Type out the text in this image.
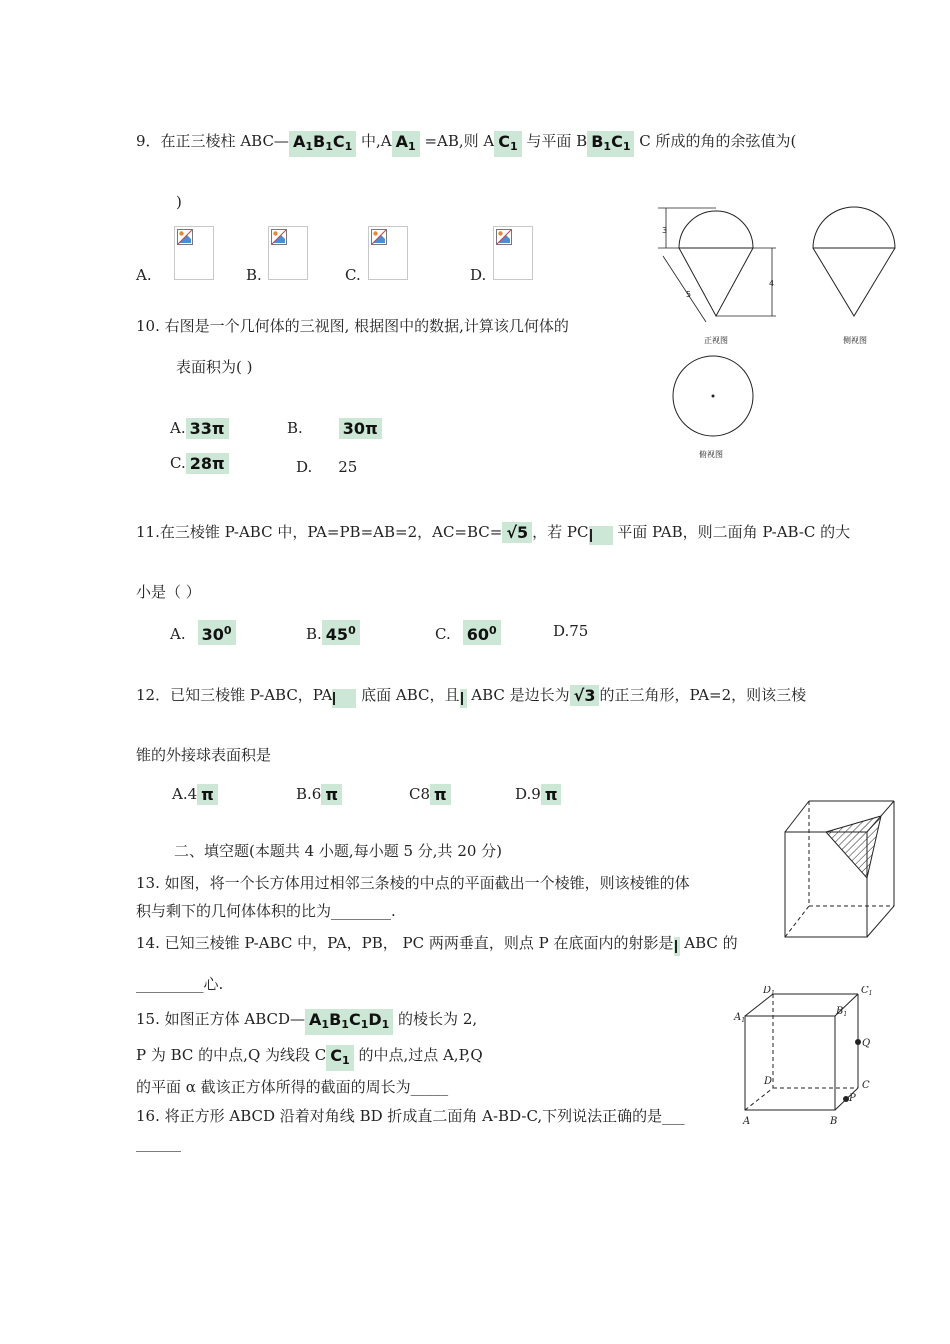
9．在正三棱柱 ABC— $A_1B_1C_1$ 中,A $A_1 =AB$,则 A $C_1$ 与平面 B $B_1C_1$ C 所成的角的余弦值为(
)
A.	B.	C.	D.
3
5
4
正视图	侧视图
俯视图
10. 右图是一个几何体的三视图, 根据图中的数据,计算该几何体的
表面积为( )
A. 33π	B.	30π
C. 28π	D. 25
11.在三棱锥 P-ABC 中，PA=PB=AB=2，AC=BC= √5 ，若 PC 平面 PAB，则二面角 P-AB-C 的大
小是（ ）
A. $30^0$	B. $45^0$	C. $60^0$	D.75
12．已知三棱锥 P-ABC，PA 底面 ABC，且 ABC 是边长为 √3 的正三角形，PA=2，则该三棱
锥的外接球表面积是
A.4 π	B.6 π	C8 π	D.9 π
二、填空题(本题共 4 小题,每小题 5 分,共 20 分)
13. 如图，将一个长方体用过相邻三条棱的中点的平面截出一个棱锥，则该棱锥的体
积与剩下的几何体体积的比为________.
14. 已知三棱锥 P-ABC 中，PA，PB， PC 两两垂直，则点 P 在底面内的射影是 ABC 的
_________心.	$D_1$	$C_1$
$A_1$
$B_1$
Q
D	C
P
A	B
15. 如图正方体 ABCD— $A_1B_1C_1D_1$ 的棱长为 2,
P 为 BC 的中点,Q 为线段 C $C_1$ 的中点,过点 A,P,Q
的平面 α 截该正方体所得的截面的周长为_____
16. 将正方形 ABCD 沿着对角线 BD 折成直二面角 A-BD-C,下列说法正确的是___
______
